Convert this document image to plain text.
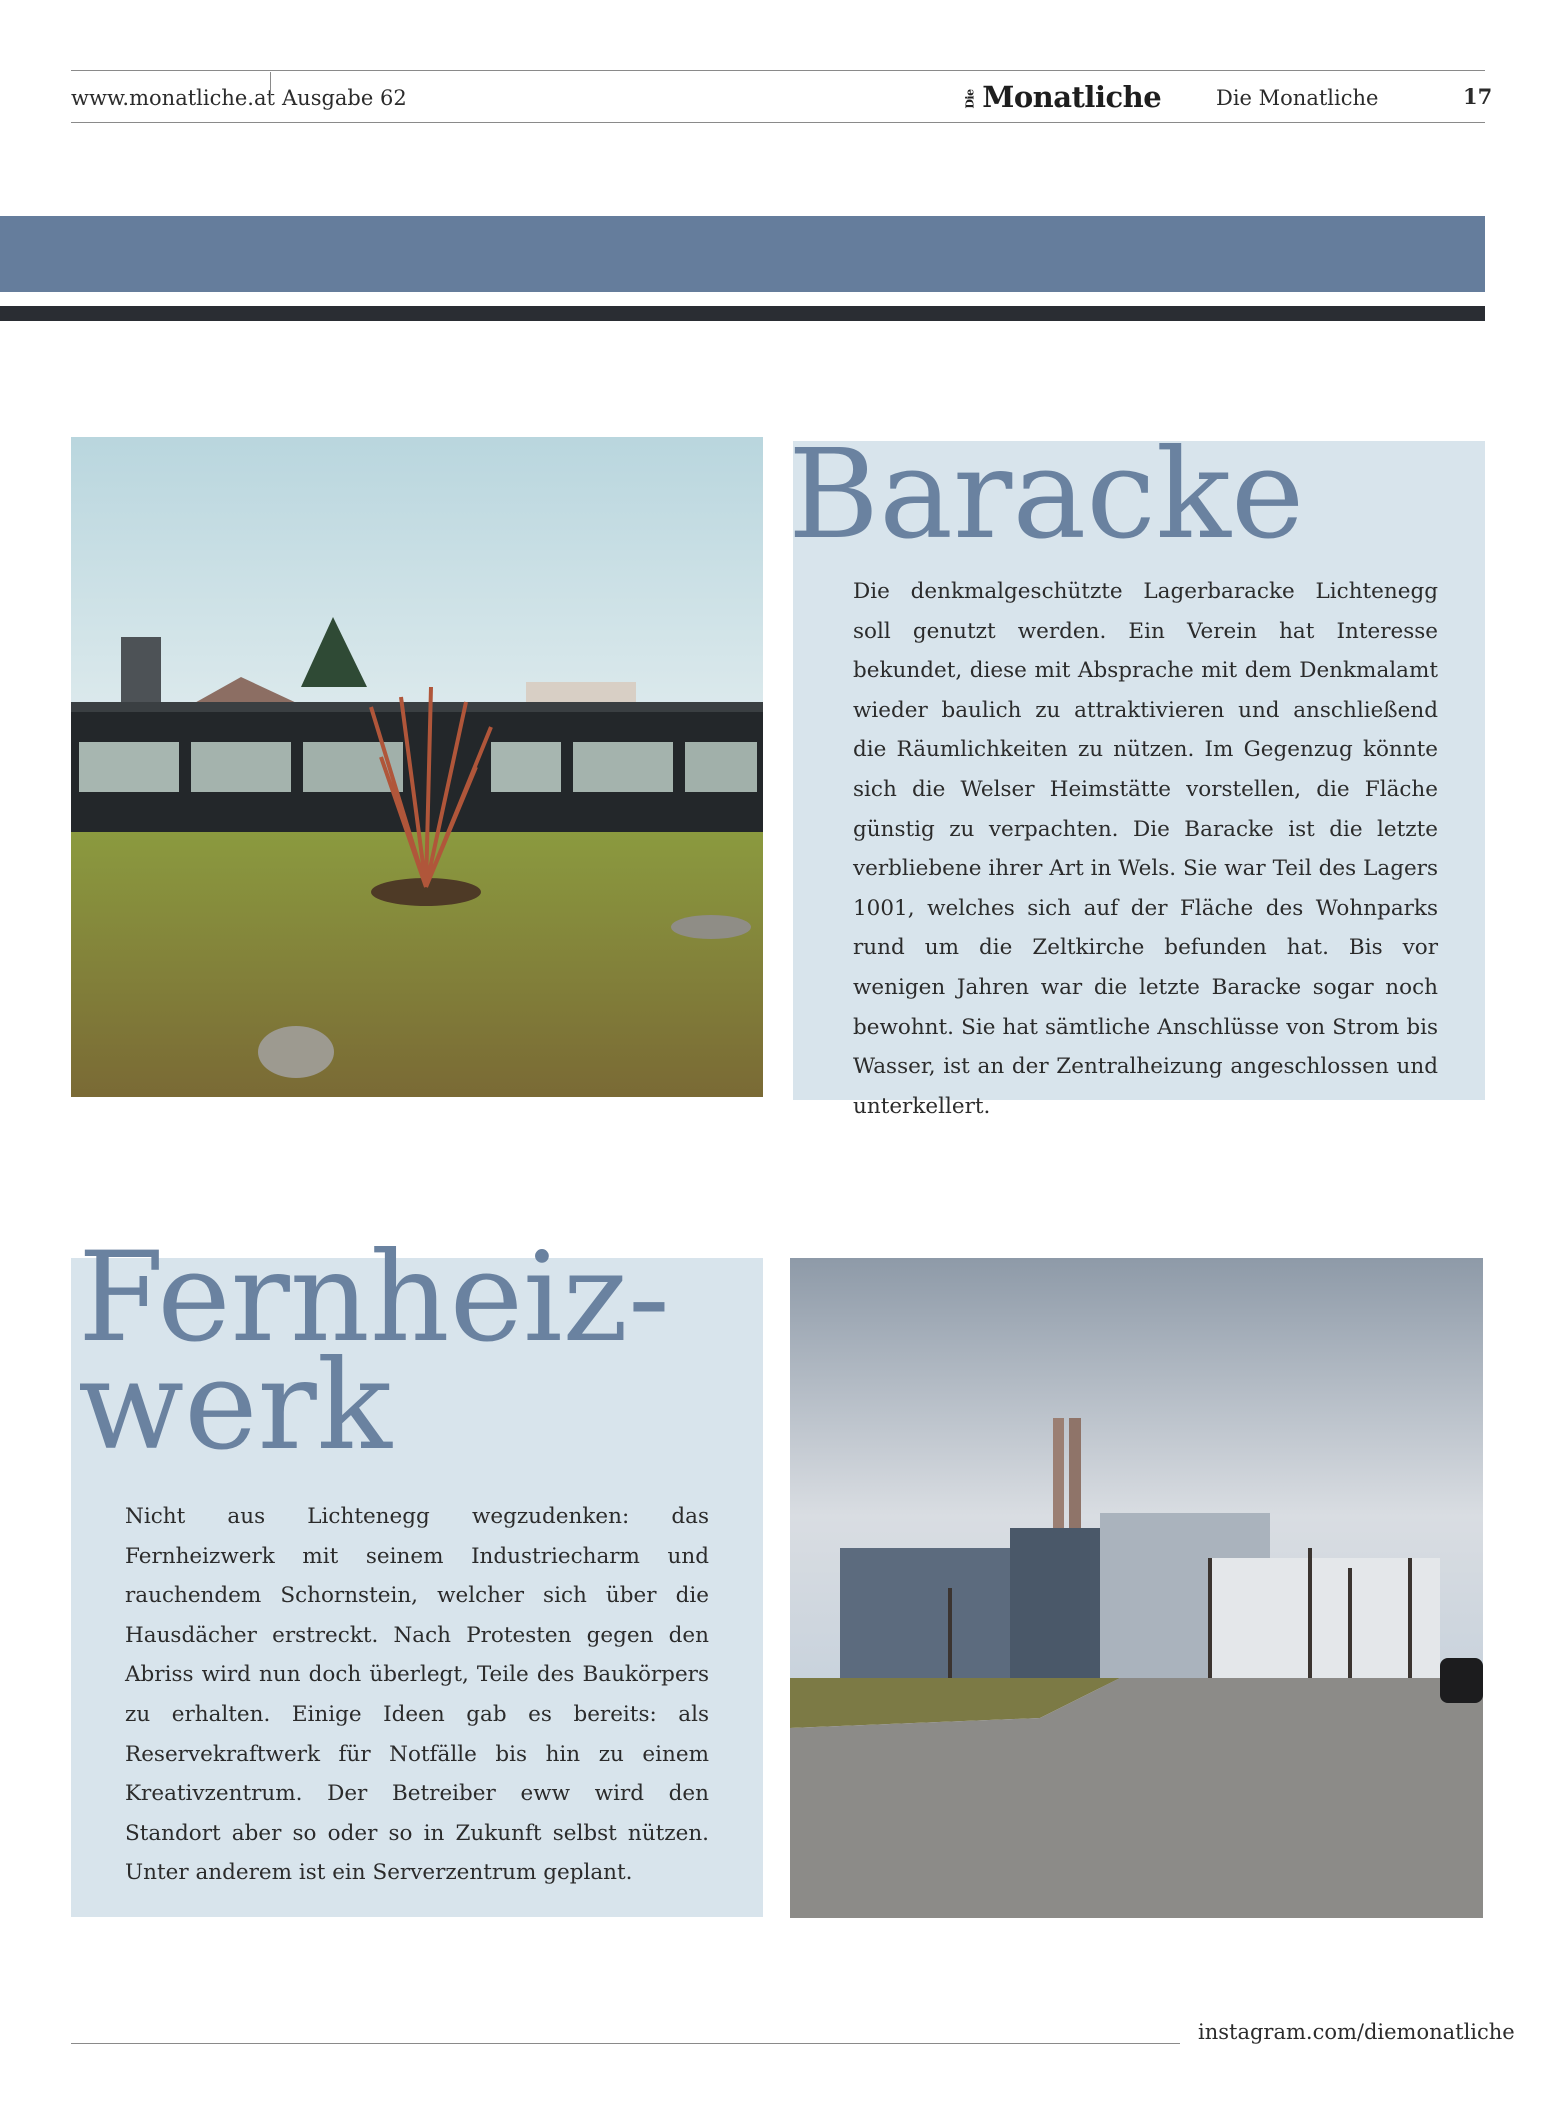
www.monatliche.at Ausgabe 62	Die Monatliche	Die Monatliche	17
Baracke

Die denkmalgeschützte Lagerbaracke Lichtenegg soll genutzt werden. Ein Verein hat Interesse bekundet, diese mit Absprache mit dem Denkmalamt wieder baulich zu attraktivieren und anschließend die Räumlichkeiten zu nützen. Im Gegenzug könnte sich die Welser Heimstätte vorstellen, die Fläche günstig zu verpachten. Die Baracke ist die letzte verbliebene ihrer Art in Wels. Sie war Teil des Lagers 1001, welches sich auf der Fläche des Wohnparks rund um die Zeltkirche befunden hat. Bis vor wenigen Jahren war die letzte Baracke sogar noch bewohnt. Sie hat sämtliche Anschlüsse von Strom bis Wasser, ist an der Zentralheizung angeschlossen und unterkellert.

Fernheiz-
werk

Nicht aus Lichtenegg wegzudenken: das Fernheizwerk mit seinem Industriecharm und rauchendem Schornstein, welcher sich über die Hausdächer erstreckt. Nach Protesten gegen den Abriss wird nun doch überlegt, Teile des Baukörpers zu erhalten. Einige Ideen gab es bereits: als Reservekraftwerk für Notfälle bis hin zu einem Kreativzentrum. Der Betreiber eww wird den Standort aber so oder so in Zukunft selbst nützen. Unter anderem ist ein Serverzentrum geplant.

instagram.com/diemonatliche
